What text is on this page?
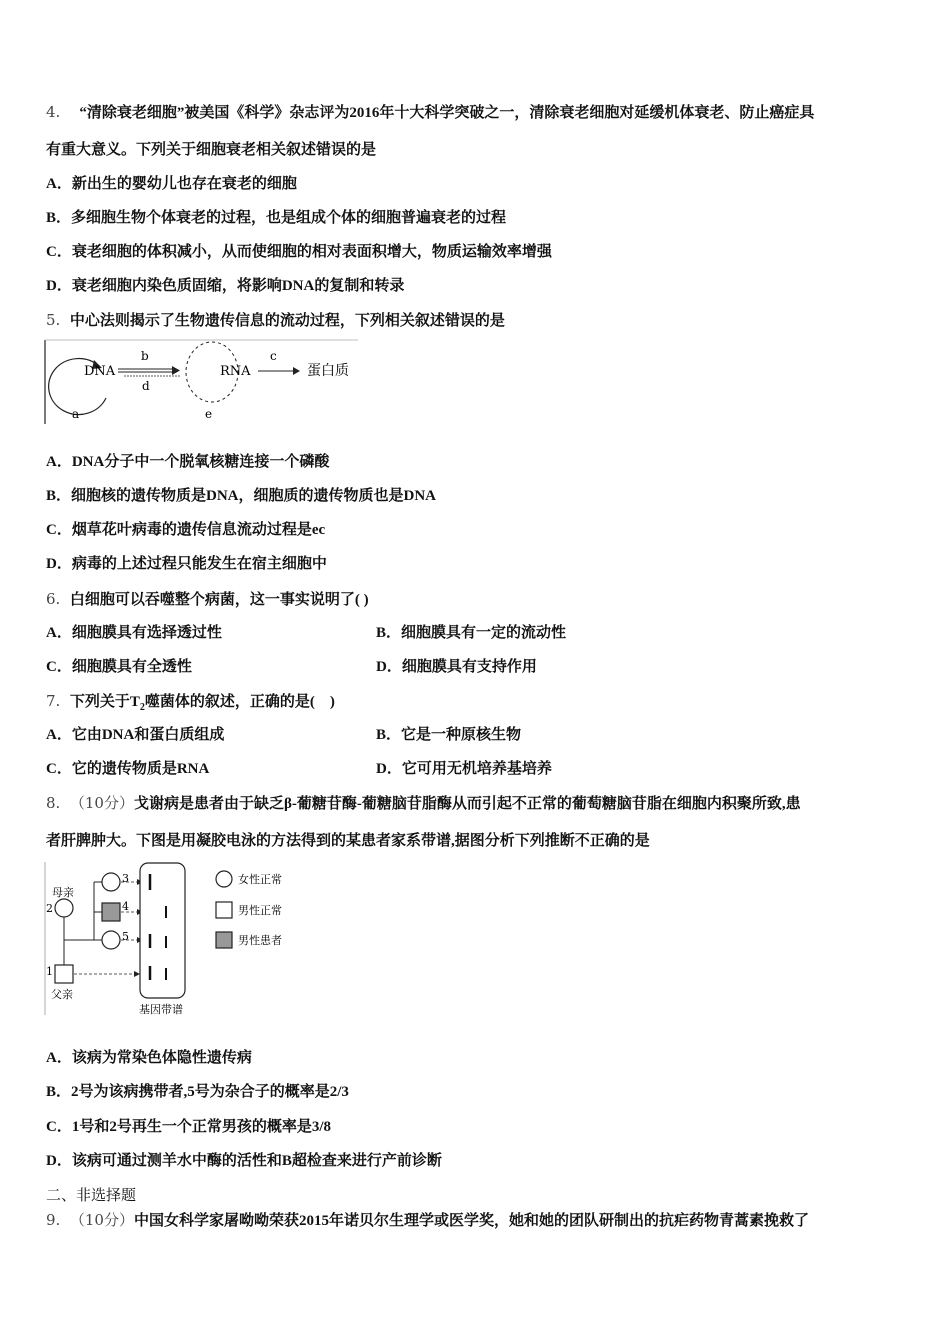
4. “清除衰老细胞”被美国《科学》杂志评为2016年十大科学突破之一，清除衰老细胞对延缓机体衰老、防止癌症具
有重大意义。下列关于细胞衰老相关叙述错误的是
A．新出生的婴幼儿也存在衰老的细胞
B．多细胞生物个体衰老的过程，也是组成个体的细胞普遍衰老的过程
C．衰老细胞的体积减小，从而使细胞的相对表面积增大，物质运输效率增强
D．衰老细胞内染色质固缩，将影响DNA的复制和转录
5. 中心法则揭示了生物遗传信息的流动过程，下列相关叙述错误的是
DNA
b
d
RNA
c
蛋白质
a	e
A．DNA分子中一个脱氧核糖连接一个磷酸
B．细胞核的遗传物质是DNA，细胞质的遗传物质也是DNA
C．烟草花叶病毒的遗传信息流动过程是ec
D．病毒的上述过程只能发生在宿主细胞中
6. 白细胞可以吞噬整个病菌，这一事实说明了( )
A．细胞膜具有选择透过性	B．细胞膜具有一定的流动性
C．细胞膜具有全透性	D．细胞膜具有支持作用
7. 下列关于$T_2$噬菌体的叙述，正确的是(　)
A．它由DNA和蛋白质组成	B．它是一种原核生物
C．它的遗传物质是RNA	D．它可用无机培养基培养
8. （10分）戈谢病是患者由于缺乏β-葡糖苷酶-葡糖脑苷脂酶从而引起不正常的葡萄糖脑苷脂在细胞内积聚所致,患
者肝脾肿大。下图是用凝胶电泳的方法得到的某患者家系带谱,据图分析下列推断不正确的是
母亲
2
3
4
5
1
父亲
基因带谱
女性正常
男性正常
男性患者
A．该病为常染色体隐性遗传病
B．2号为该病携带者,5号为杂合子的概率是2/3
C．1号和2号再生一个正常男孩的概率是3/8
D．该病可通过测羊水中酶的活性和B超检查来进行产前诊断
二、非选择题
9. （10分）中国女科学家屠呦呦荣获2015年诺贝尔生理学或医学奖，她和她的团队研制出的抗疟药物青蒿素挽救了
